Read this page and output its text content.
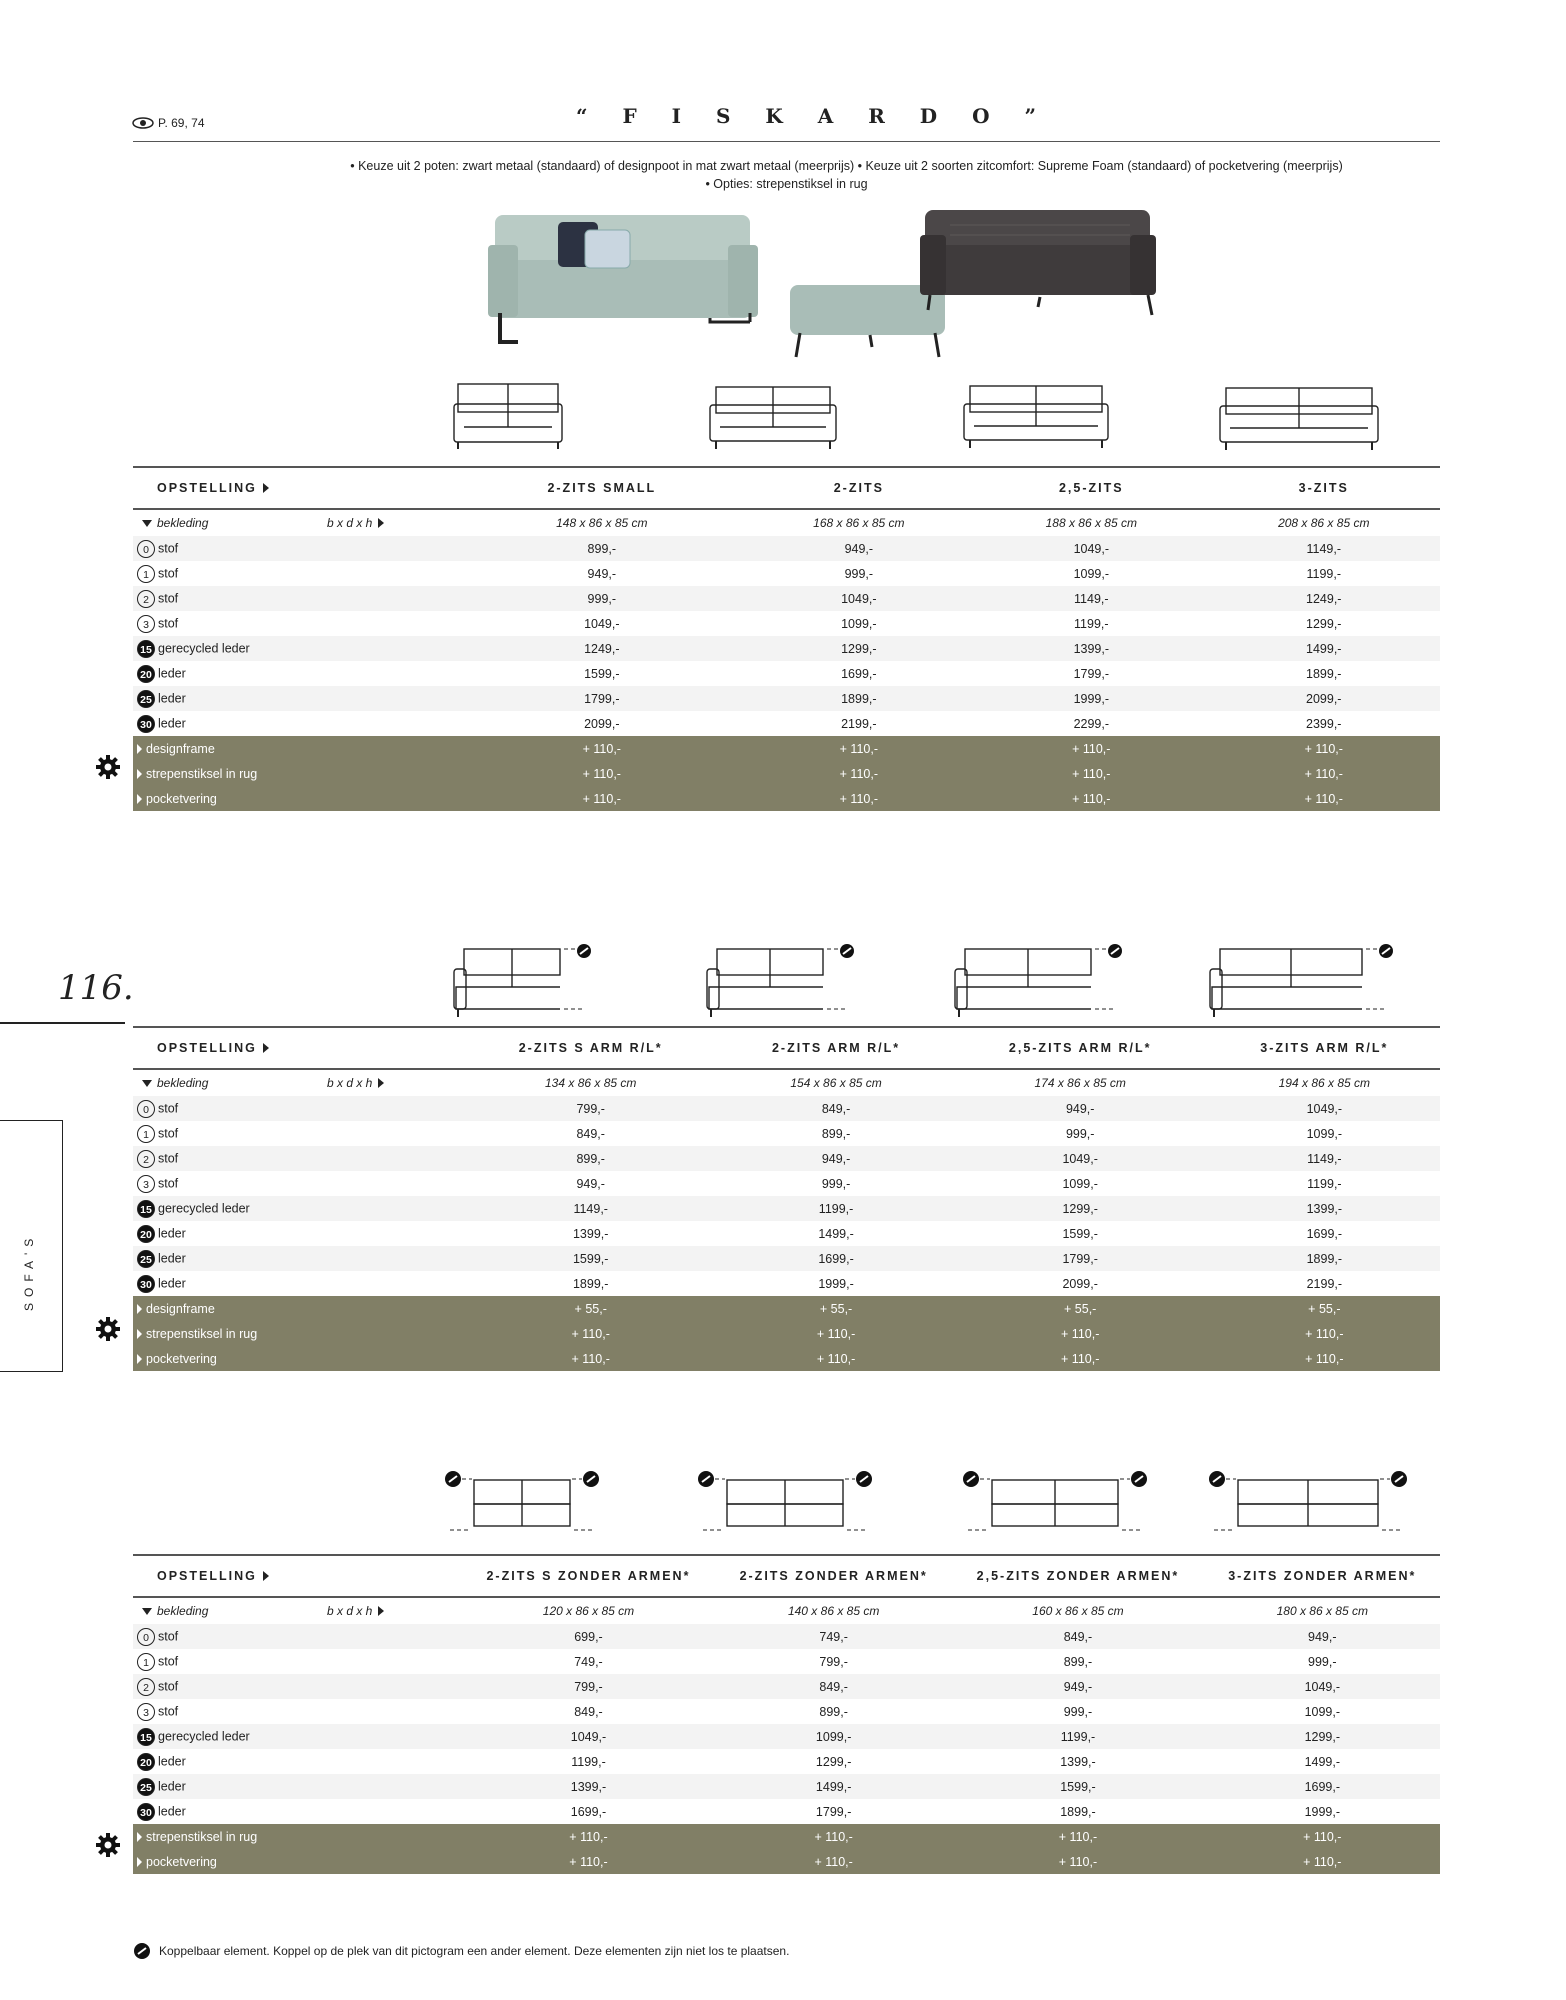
P. 69, 74	“ F I S K A R D O ”
• Keuze uit 2 poten: zwart metaal (standaard) of designpoot in mat zwart metaal (meerprijs) • Keuze uit 2 soorten zitcomfort: Supreme Foam (standaard) of pocketvering (meerprijs)
• Opties: strepenstiksel in rug
OPSTELLING	2-ZITS SMALL	2-ZITS	2,5-ZITS	3-ZITS
bekleding b x d x h	148 x 86 x 85 cm	168 x 86 x 85 cm	188 x 86 x 85 cm	208 x 86 x 85 cm
0 stof	899,-	949,-	1049,-	1149,-
1 stof	949,-	999,-	1099,-	1199,-
2 stof	999,-	1049,-	1149,-	1249,-
3 stof	1049,-	1099,-	1199,-	1299,-
15 gerecycled leder	1249,-	1299,-	1399,-	1499,-
20 leder	1599,-	1699,-	1799,-	1899,-
25 leder	1799,-	1899,-	1999,-	2099,-
30 leder	2099,-	2199,-	2299,-	2399,-
designframe	+ 110,-	+ 110,-	+ 110,-	+ 110,-
strepenstiksel in rug	+ 110,-	+ 110,-	+ 110,-	+ 110,-
pocketvering	+ 110,-	+ 110,-	+ 110,-	+ 110,-
116.
SOFA'S
OPSTELLING	2-ZITS S ARM R/L*	2-ZITS ARM R/L*	2,5-ZITS ARM R/L*	3-ZITS ARM R/L*
bekleding b x d x h	134 x 86 x 85 cm	154 x 86 x 85 cm	174 x 86 x 85 cm	194 x 86 x 85 cm
0 stof	799,-	849,-	949,-	1049,-
1 stof	849,-	899,-	999,-	1099,-
2 stof	899,-	949,-	1049,-	1149,-
3 stof	949,-	999,-	1099,-	1199,-
15 gerecycled leder	1149,-	1199,-	1299,-	1399,-
20 leder	1399,-	1499,-	1599,-	1699,-
25 leder	1599,-	1699,-	1799,-	1899,-
30 leder	1899,-	1999,-	2099,-	2199,-
designframe	+ 55,-	+ 55,-	+ 55,-	+ 55,-
strepenstiksel in rug	+ 110,-	+ 110,-	+ 110,-	+ 110,-
pocketvering	+ 110,-	+ 110,-	+ 110,-	+ 110,-
OPSTELLING	2-ZITS S ZONDER ARMEN*	2-ZITS ZONDER ARMEN*	2,5-ZITS ZONDER ARMEN*	3-ZITS ZONDER ARMEN*
bekleding b x d x h	120 x 86 x 85 cm	140 x 86 x 85 cm	160 x 86 x 85 cm	180 x 86 x 85 cm
0 stof	699,-	749,-	849,-	949,-
1 stof	749,-	799,-	899,-	999,-
2 stof	799,-	849,-	949,-	1049,-
3 stof	849,-	899,-	999,-	1099,-
15 gerecycled leder	1049,-	1099,-	1199,-	1299,-
20 leder	1199,-	1299,-	1399,-	1499,-
25 leder	1399,-	1499,-	1599,-	1699,-
30 leder	1699,-	1799,-	1899,-	1999,-
strepenstiksel in rug	+ 110,-	+ 110,-	+ 110,-	+ 110,-
pocketvering	+ 110,-	+ 110,-	+ 110,-	+ 110,-
Koppelbaar element. Koppel op de plek van dit pictogram een ander element. Deze elementen zijn niet los te plaatsen.
